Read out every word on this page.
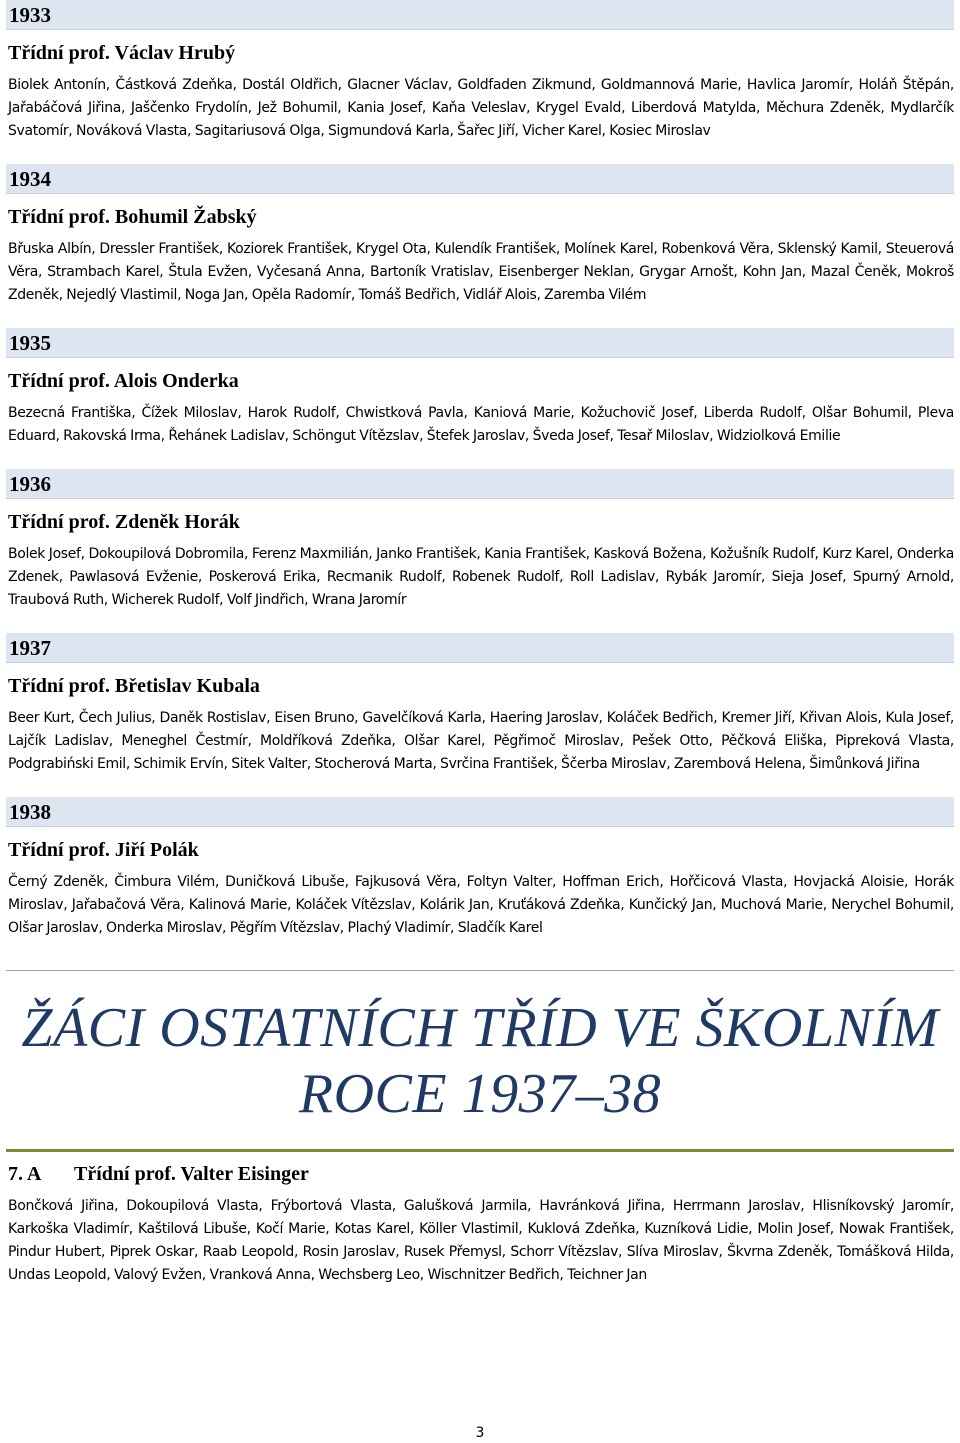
1933
Třídní prof. Václav Hrubý
Biolek Antonín, Částková Zdeňka, Dostál Oldřich, Glacner Václav, Goldfaden Zikmund, Goldmannová Marie, Havlica Jaromír, Holáň Štěpán, Jařabáčová Jiřina, Jaščenko Frydolín, Jež Bohumil, Kania Josef, Kaňa Veleslav, Krygel Evald, Liberdová Matylda, Měchura Zdeněk, Mydlarčík Svatomír, Nováková Vlasta, Sagitariusová Olga, Sigmundová Karla, Šařec Jiří, Vicher Karel, Kosiec Miroslav
1934
Třídní prof. Bohumil Žabský
Břuska Albín, Dressler František, Koziorek František, Krygel Ota, Kulendík František, Molínek Karel, Robenková Věra, Sklenský Kamil, Steuerová Věra, Strambach Karel, Štula Evžen, Vyčesaná Anna, Bartoník Vratislav, Eisenberger Neklan, Grygar Arnošt, Kohn Jan, Mazal Čeněk, Mokroš Zdeněk, Nejedlý Vlastimil, Noga Jan, Opěla Radomír, Tomáš Bedřich, Vidlář Alois, Zaremba Vilém
1935
Třídní prof. Alois Onderka
Bezecná Františka, Čížek Miloslav, Harok Rudolf, Chwistková Pavla, Kaniová Marie, Kožuchovič Josef, Liberda Rudolf, Olšar Bohumil, Pleva Eduard, Rakovská Irma, Řehánek Ladislav, Schöngut Vítězslav, Štefek Jaroslav, Šveda Josef, Tesař Miloslav, Widziolková Emilie
1936
Třídní prof. Zdeněk Horák
Bolek Josef, Dokoupilová Dobromila, Ferenz Maxmilián, Janko František, Kania František, Kasková Božena, Kožušník Rudolf, Kurz Karel, Onderka Zdenek, Pawlasová Evženie, Poskerová Erika, Recmanik Rudolf, Robenek Rudolf, Roll Ladislav, Rybák Jaromír, Sieja Josef, Spurný Arnold, Traubová Ruth, Wicherek Rudolf, Volf Jindřich, Wrana Jaromír
1937
Třídní prof. Břetislav Kubala
Beer Kurt, Čech Julius, Daněk Rostislav, Eisen Bruno, Gavelčíková Karla, Haering Jaroslav, Koláček Bedřich, Kremer Jiří, Křivan Alois, Kula Josef, Lajčík Ladislav, Meneghel Čestmír, Moldříková Zdeňka, Olšar Karel, Pěgřimoč Miroslav, Pešek Otto, Pěčková Eliška, Pipreková Vlasta, Podgrabiński Emil, Schimik Ervín, Sitek Valter, Stocherová Marta, Svrčina František, Ščerba Miroslav, Zarembová Helena, Šimůnková Jiřina
1938
Třídní prof. Jiří Polák
Černý Zdeněk, Čimbura Vilém, Duničková Libuše, Fajkusová Věra, Foltyn Valter, Hoffman Erich, Hořčicová Vlasta, Hovjacká Aloisie, Horák Miroslav, Jařabačová Věra, Kalinová Marie, Koláček Vítězslav, Kolárik Jan, Kruťáková Zdeňka, Kunčický Jan, Muchová Marie, Nerychel Bohumil, Olšar Jaroslav, Onderka Miroslav, Pěgřím Vítězslav, Plachý Vladimír, Sladčík Karel
ŽÁCI OSTATNÍCH TŘÍD VE ŠKOLNÍM
ROCE 1937–38
7. A Třídní prof. Valter Eisinger
Bončková Jiřina, Dokoupilová Vlasta, Frýbortová Vlasta, Galušková Jarmila, Havránková Jiřina, Herrmann Jaroslav, Hlisníkovský Jaromír, Karkoška Vladimír, Kaštilová Libuše, Kočí Marie, Kotas Karel, Köller Vlastimil, Kuklová Zdeňka, Kuzníková Lidie, Molin Josef, Nowak František, Pindur Hubert, Piprek Oskar, Raab Leopold, Rosin Jaroslav, Rusek Přemysl, Schorr Vítězslav, Slíva Miroslav, Škvrna Zdeněk, Tomášková Hilda, Undas Leopold, Valový Evžen, Vranková Anna, Wechsberg Leo, Wischnitzer Bedřich, Teichner Jan
3
